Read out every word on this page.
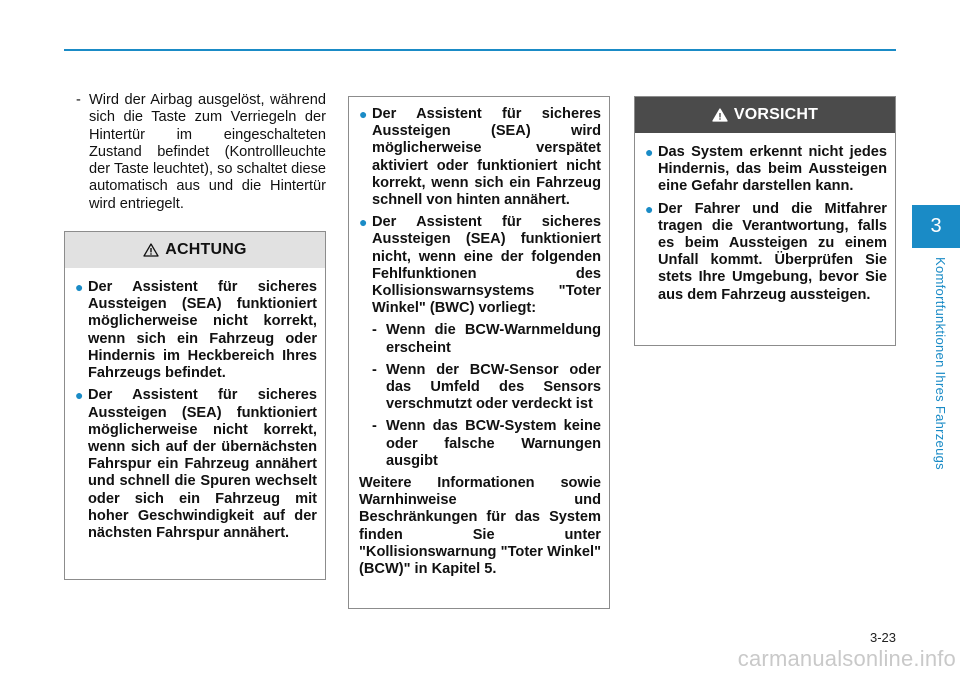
- Wird der Airbag ausgelöst, während sich die Taste zum Verriegeln der Hintertür im eingeschalteten Zustand befindet (Kontrollleuchte der Taste leuchtet), so schaltet diese automatisch aus und die Hintertür wird entriegelt.
ACHTUNG
● Der Assistent für sicheres Aussteigen (SEA) funktioniert möglicherweise nicht korrekt, wenn sich ein Fahrzeug oder Hindernis im Heckbereich Ihres Fahrzeugs befindet.
● Der Assistent für sicheres Aussteigen (SEA) funktioniert möglicherweise nicht korrekt, wenn sich auf der übernächsten Fahrspur ein Fahrzeug annähert und schnell die Spuren wechselt oder sich ein Fahrzeug mit hoher Geschwindigkeit auf der nächsten Fahrspur annähert.
● Der Assistent für sicheres Aussteigen (SEA) wird möglicherweise verspätet aktiviert oder funktioniert nicht korrekt, wenn sich ein Fahrzeug schnell von hinten annähert.
● Der Assistent für sicheres Aussteigen (SEA) funktioniert nicht, wenn eine der folgenden Fehlfunktionen des Kollisionswarnsystems "Toter Winkel" (BWC) vorliegt:
- Wenn die BCW-Warnmeldung erscheint
- Wenn der BCW-Sensor oder das Umfeld des Sensors verschmutzt oder verdeckt ist
- Wenn das BCW-System keine oder falsche Warnungen ausgibt
Weitere Informationen sowie Warnhinweise und Beschränkungen für das System finden Sie unter "Kollisionswarnung "Toter Winkel" (BCW)" in Kapitel 5.
VORSICHT
● Das System erkennt nicht jedes Hindernis, das beim Aussteigen eine Gefahr darstellen kann.
● Der Fahrer und die Mitfahrer tragen die Verantwortung, falls es beim Aussteigen zu einem Unfall kommt. Überprüfen Sie stets Ihre Umgebung, bevor Sie aus dem Fahrzeug aussteigen.
3
Komfortfunktionen Ihres Fahrzeugs
3-23
carmanualsonline.info
